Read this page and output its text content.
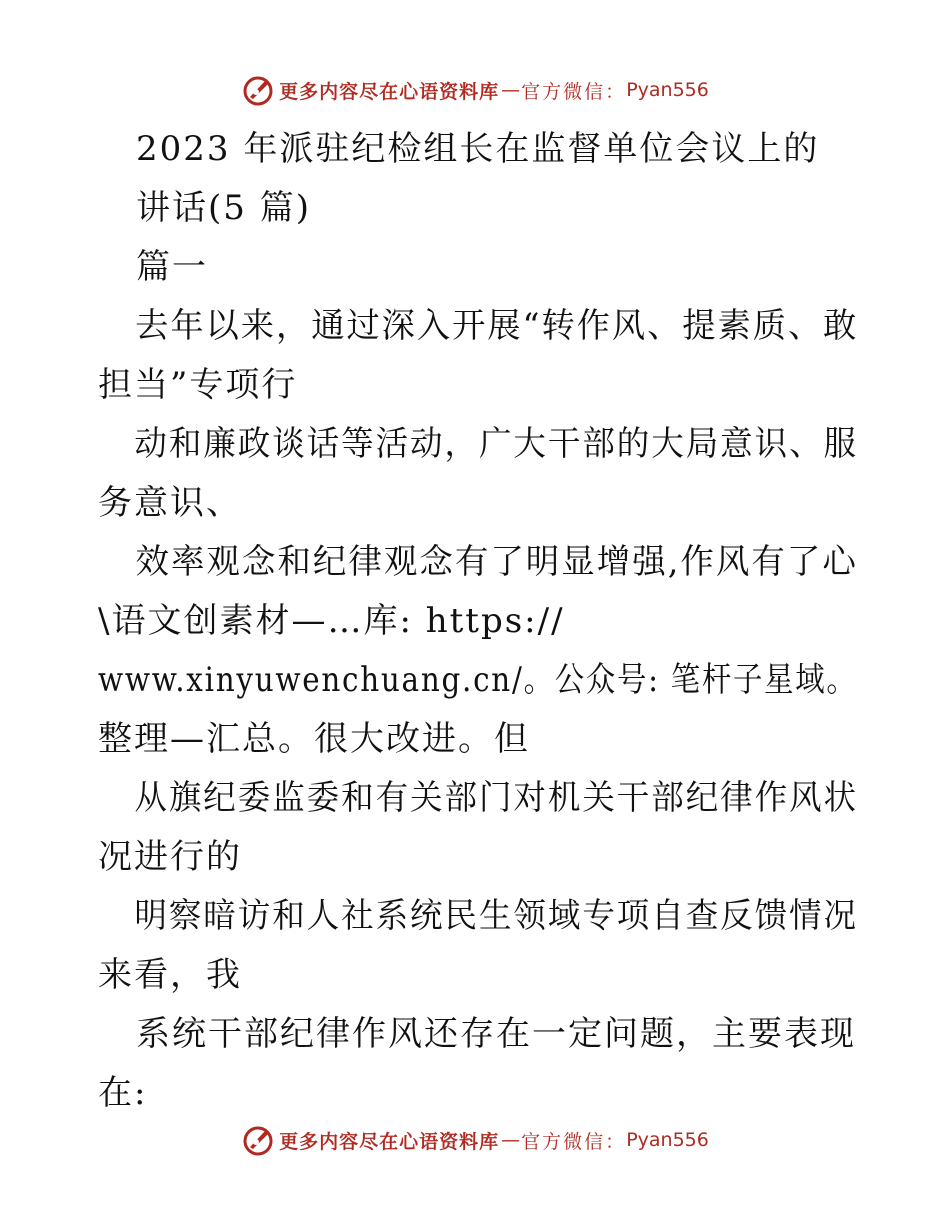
更多内容尽在心语资料库 — 官方微信： Pyan556
2023 年派驻纪检组长在监督单位会议上的
讲话(5 篇)
篇一
去年以来，通过深入开展“转作风、提素质、敢
担当”专项行
动和廉政谈话等活动，广大干部的大局意识、服
务意识、
效率观念和纪律观念有了明显增强,作风有了心
\语文创素材—…库: https://
www.xinyuwenchuang.cn/。公众号: 笔杆子星域。
整理—汇总。很大改进。但
从旗纪委监委和有关部门对机关干部纪律作风状
况进行的
明察暗访和人社系统民生领域专项自查反馈情况
来看，我
系统干部纪律作风还存在一定问题，主要表现
在:
更多内容尽在心语资料库 — 官方微信： Pyan556
